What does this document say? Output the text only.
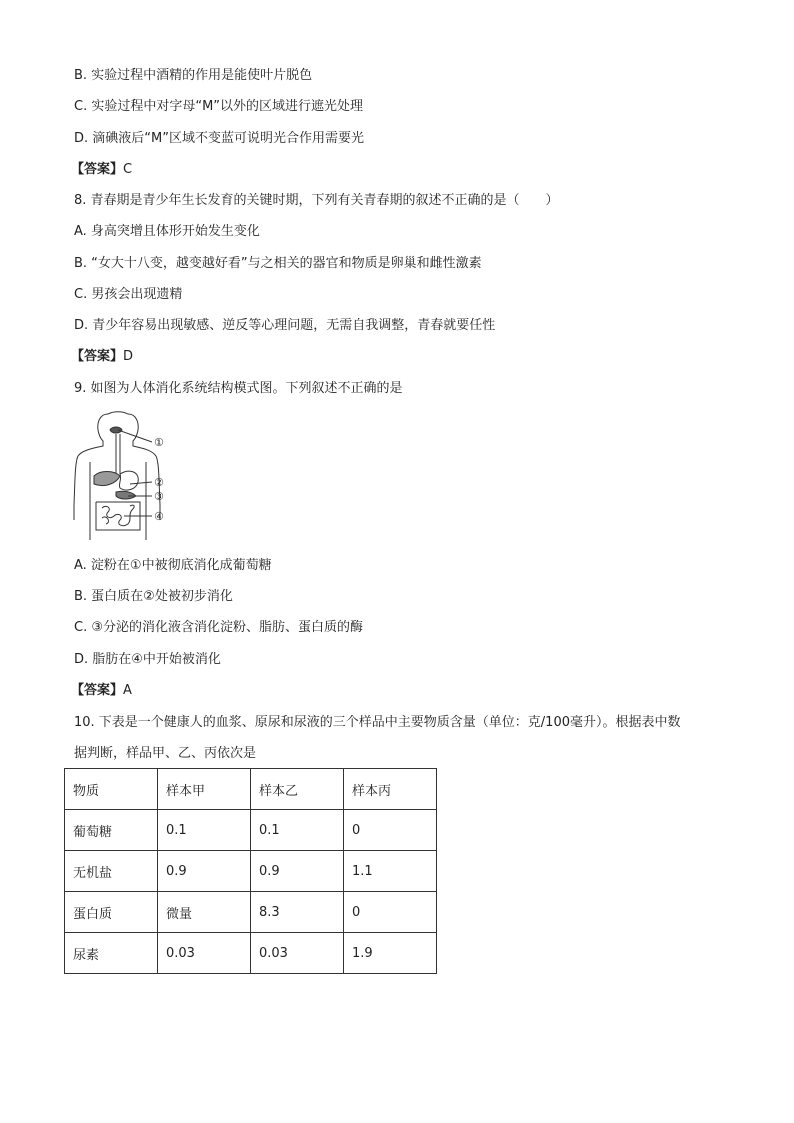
B. 实验过程中酒精的作用是能使叶片脱色
C. 实验过程中对字母“M”以外的区域进行遮光处理
D. 滴碘液后“M”区域不变蓝可说明光合作用需要光
【答案】C
8. 青春期是青少年生长发育的关键时期，下列有关青春期的叙述不正确的是（　　）
A. 身高突增且体形开始发生变化
B. “女大十八变，越变越好看”与之相关的器官和物质是卵巢和雌性激素
C. 男孩会出现遗精
D. 青少年容易出现敏感、逆反等心理问题，无需自我调整，青春就要任性
【答案】D
9. 如图为人体消化系统结构模式图。下列叙述不正确的是
①
②
③
④
A. 淀粉在①中被彻底消化成葡萄糖
B. 蛋白质在②处被初步消化
C. ③分泌的消化液含消化淀粉、脂肪、蛋白质的酶
D. 脂肪在④中开始被消化
【答案】A
10. 下表是一个健康人的血浆、原尿和尿液的三个样品中主要物质含量（单位：克/100毫升）。根据表中数
据判断，样品甲、乙、丙依次是
物质	样本甲	样本乙	样本丙
葡萄糖	0.1	0.1	0
无机盐	0.9	0.9	1.1
蛋白质	微量	8.3	0
尿素	0.03	0.03	1.9
